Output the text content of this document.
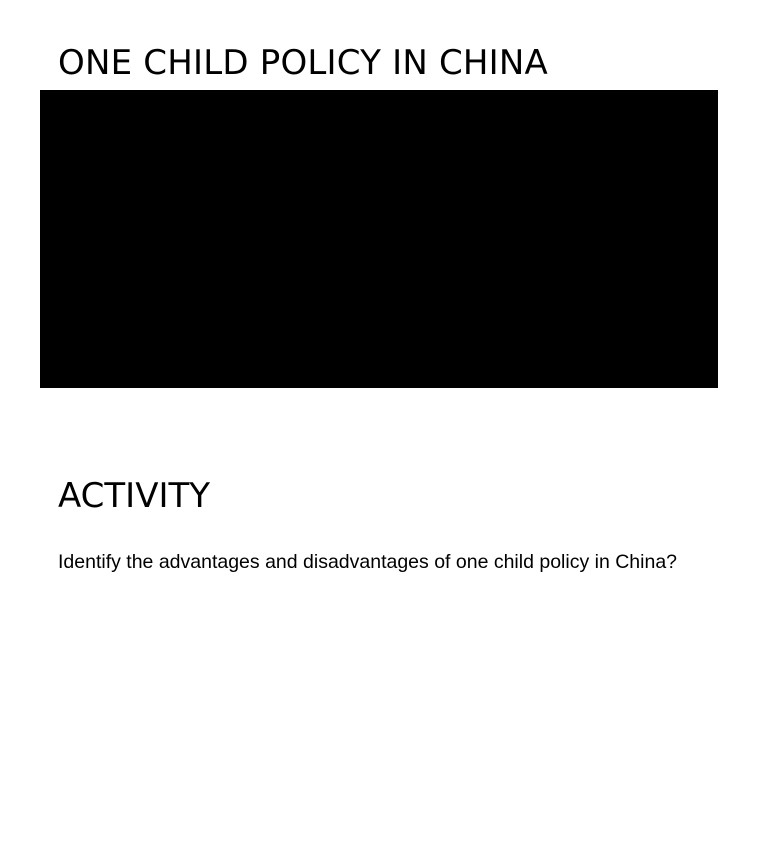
ONE CHILD POLICY IN CHINA
ACTIVITY

Identify the advantages and disadvantages of one child policy in China?
